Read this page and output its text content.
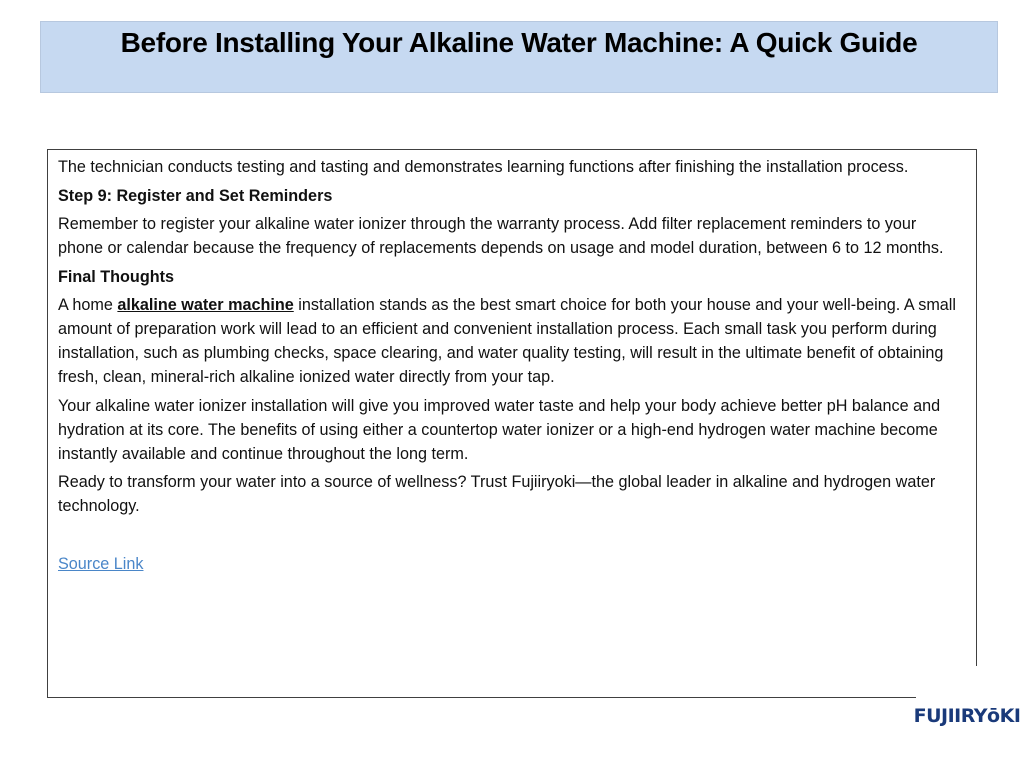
Before Installing Your Alkaline Water Machine: A Quick Guide

The technician conducts testing and tasting and demonstrates learning functions after finishing the installation process.

Step 9: Register and Set Reminders

Remember to register your alkaline water ionizer through the warranty process. Add filter replacement reminders to your phone or calendar because the frequency of replacements depends on usage and model duration, between 6 to 12 months.

Final Thoughts

A home alkaline water machine installation stands as the best smart choice for both your house and your well-being. A small amount of preparation work will lead to an efficient and convenient installation process. Each small task you perform during installation, such as plumbing checks, space clearing, and water quality testing, will result in the ultimate benefit of obtaining fresh, clean, mineral-rich alkaline ionized water directly from your tap.

Your alkaline water ionizer installation will give you improved water taste and help your body achieve better pH balance and hydration at its core. The benefits of using either a countertop water ionizer or a high-end hydrogen water machine become instantly available and continue throughout the long term.

Ready to transform your water into a source of wellness? Trust Fujiiryoki—the global leader in alkaline and hydrogen water technology.

Source Link
FUJIIRYōKI
